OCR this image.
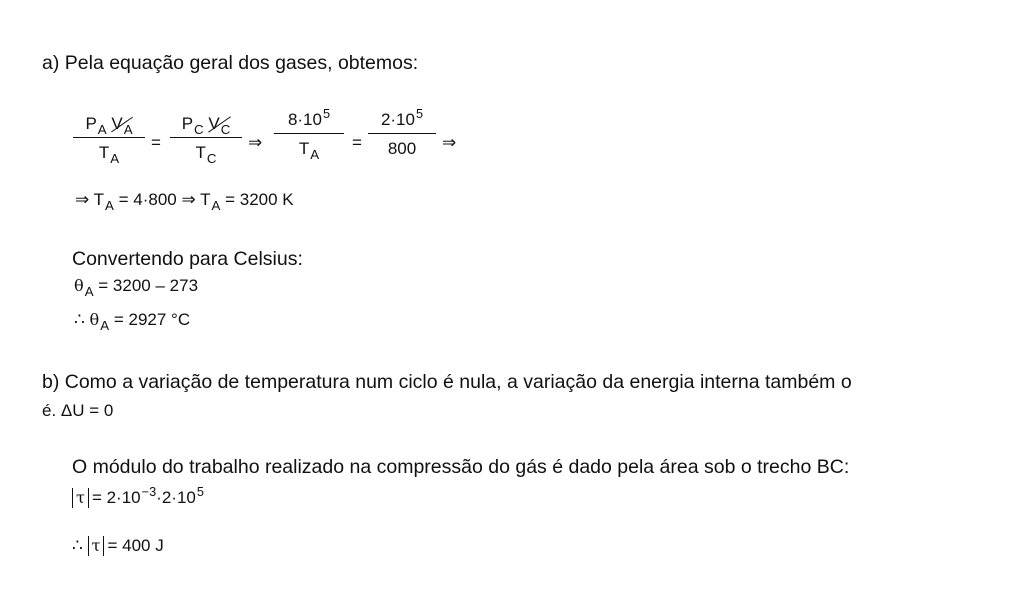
a) Pela equação geral dos gases, obtemos:
$P_A$ $V_A$
$T_A$
=
$P_C$ $V_C$
$T_C$
⇒
$8\cdot 10^5$
$T_A$
=
$2\cdot 10^5$
800	⇒
⇒ $T_A = 4\cdot 800$ ⇒ $T_A = 3200$ K
Convertendo para Celsius:
$\theta_A = 3200 - 273$
∴ $\theta_A = 2927$ °C
b) Como a variação de temperatura num ciclo é nula, a variação da energia interna também o
é. ΔU = 0
O módulo do trabalho realizado na compressão do gás é dado pela área sob o trecho BC:
$\tau = 2\cdot 10^{-3}\cdot 2\cdot 10^5$
∴ τ = 400 J
